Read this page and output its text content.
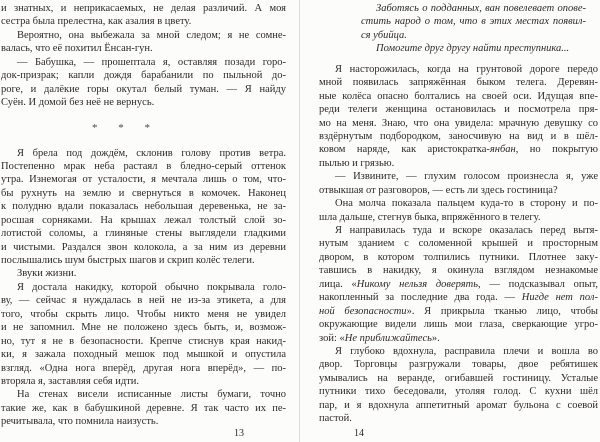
и знатных, и неприкасаемых, не делая различий. А моя
сестра была прелестна, как азалия в цвету.
Вероятно, она выбежала за мной следом; я не сомне-
валась, что её похитил Ёнсан-гун.
— Бабушка, — прошептала я, оставляя позади горо-
док-призрак; капли дождя барабанили по пыльной до-
роге, и далёкие горы окутал белый туман. — Я найду
Суён. И домой без неё не вернусь.
* * *
Я брела под дождём, склонив голову против ветра.
Постепенно мрак неба растаял в бледно-серый оттенок
утра. Изнемогая от усталости, я мечтала лишь о том, что-
бы рухнуть на землю и свернуться в комочек. Наконец
к полудню вдали показалась небольшая деревенька, не за-
росшая сорняками. На крышах лежал толстый слой зо-
лотистой соломы, а глиняные стены выглядели гладкими
и чистыми. Раздался звон колокола, а за ним из деревни
послышались шум быстрых шагов и скрип колёс телеги.
Звуки жизни.
Я достала накидку, которой обычно покрывала голо-
ву, — сейчас я нуждалась в ней не из-за этикета, а для
того, чтобы скрыть лицо. Чтобы никто меня не увидел
и не запомнил. Мне не положено здесь быть, и, возмож-
но, тут я не в безопасности. Крепче стиснув края накид-
ки, я зажала походный мешок под мышкой и опустила
взгляд. «Одна нога вперёд, другая нога вперёд», — по-
вторяла я, заставляя себя идти.
На стенах висели исписанные листы бумаги, точно
такие же, как в бабушкиной деревне. Я так часто их пе-
речитывала, что помнила наизусть.
Заботясь о подданных, ван повелевает опове-
стить народ о том, что в этих местах появил-
ся убийца.
Помогите друг другу найти преступника...
Я насторожилась, когда на грунтовой дороге передо
мной появилась запряжённая быком телега. Деревян-
ные колёса опасно болтались на своей оси. Идущая впе-
реди телеги женщина остановилась и посмотрела пря-
мо на меня. Знаю, что она увидела: мрачную девушку со
вздёрнутым подбородком, заносчивую на вид и в шёл-
ковом наряде, как аристократка-янбан, но покрытую
пылью и грязью.
— Извините, — глухим голосом произнесла я, уже
отвыкшая от разговоров, — есть ли здесь гостиница?
Она молча показала пальцем куда-то в сторону и по-
шла дальше, стегнув быка, впряжённого в телегу.
Я направилась туда и вскоре оказалась перед вытя-
нутым зданием с соломенной крышей и просторным
двором, в котором толпились путники. Плотнее заку-
тавшись в накидку, я окинула взглядом незнакомые
лица. «Никому нельзя доверять, — подсказывал опыт,
накопленный за последние два года. — Нигде нет пол-
ной безопасности». Я прикрыла тканью лицо, чтобы
окружающие видели лишь мои глаза, сверкающие угро-
зой: «Не приближайтесь».
Я глубоко вдохнула, расправила плечи и вошла во
двор. Торговцы разгружали товары, двое ребятишек
умывались на веранде, огибавшей гостиницу. Усталые
путники тихо беседовали, утоляя голод. С кухни шёл
пар, и я вдохнула аппетитный аромат бульона с соевой
пастой.
13	14
